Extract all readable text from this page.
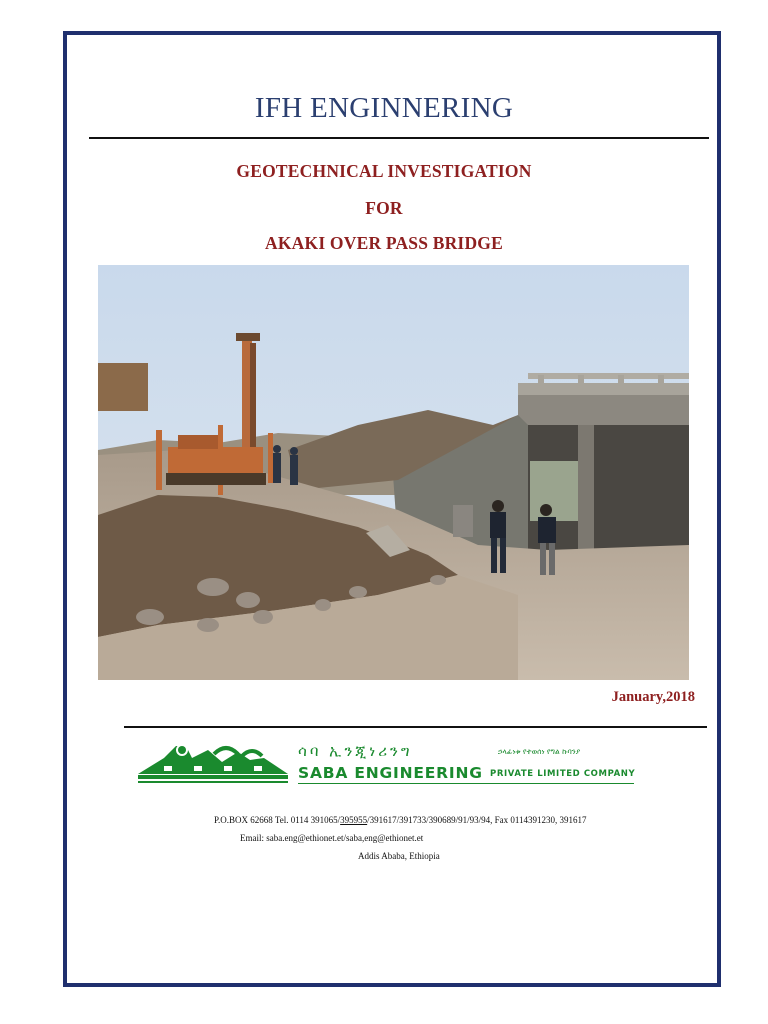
IFH ENGINNERING
GEOTECHNICAL INVESTIGATION
FOR
AKAKI OVER PASS BRIDGE
January,2018
ሳባ ኢንጂነሪንግ	ኃላፊነቱ የተወሰነ የግል ኩባንያ
SABA ENGINEERING PRIVATE LIMITED COMPANY
P.O.BOX 62668 Tel. 0114 391065/395955/391617/391733/390689/91/93/94, Fax 0114391230, 391617
Email: saba.eng@ethionet.et/saba,eng@ethionet.et
Addis Ababa, Ethiopia
